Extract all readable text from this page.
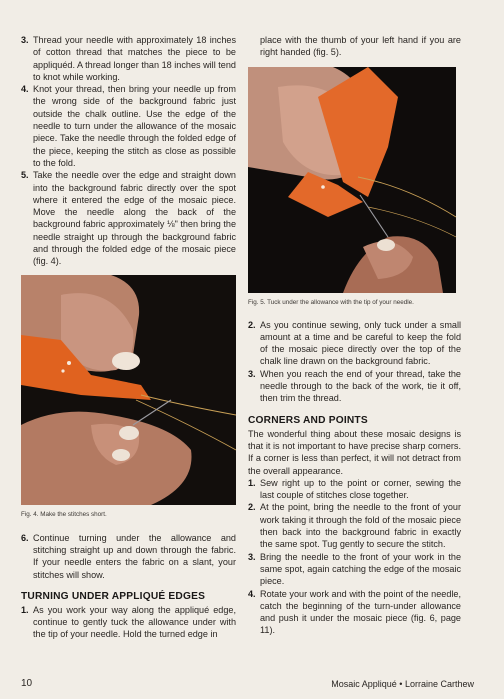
3. Thread your needle with approximately 18 inches of cotton thread that matches the piece to be appliquéd. A thread longer than 18 inches will tend to knot while working.
4. Knot your thread, then bring your needle up from the wrong side of the background fabric just outside the chalk outline. Use the edge of the needle to turn under the allowance of the mosaic piece. Take the needle through the folded edge of the piece, keeping the stitch as close as possible to the fold.
5. Take the needle over the edge and straight down into the background fabric directly over the spot where it entered the edge of the mosaic piece. Move the needle along the back of the background fabric approximately ⅛" then bring the needle straight up through the background fabric and through the folded edge of the mosaic piece (fig. 4).
Fig. 4. Make the stitches short.
6. Continue turning under the allowance and stitching straight up and down through the fabric. If your needle enters the fabric on a slant, your stitches will show.
TURNING UNDER APPLIQUÉ EDGES
1. As you work your way along the appliqué edge, continue to gently tuck the allowance under with the tip of your needle. Hold the turned edge in
place with the thumb of your left hand if you are right handed (fig. 5).
Fig. 5. Tuck under the allowance with the tip of your needle.
2. As you continue sewing, only tuck under a small amount at a time and be careful to keep the fold of the mosaic piece directly over the top of the chalk line drawn on the background fabric.
3. When you reach the end of your thread, take the needle through to the back of the work, tie it off, then trim the thread.
CORNERS AND POINTS
The wonderful thing about these mosaic designs is that it is not important to have precise sharp corners. If a corner is less than perfect, it will not detract from the overall appearance.
1. Sew right up to the point or corner, sewing the last couple of stitches close together.
2. At the point, bring the needle to the front of your work taking it through the fold of the mosaic piece then back into the background fabric in exactly the same spot. Tug gently to secure the stitch.
3. Bring the needle to the front of your work in the same spot, again catching the edge of the mosaic piece.
4. Rotate your work and with the point of the needle, catch the beginning of the turn-under allowance and push it under the mosaic piece (fig. 6, page 11).
10	Mosaic Appliqué • Lorraine Carthew
